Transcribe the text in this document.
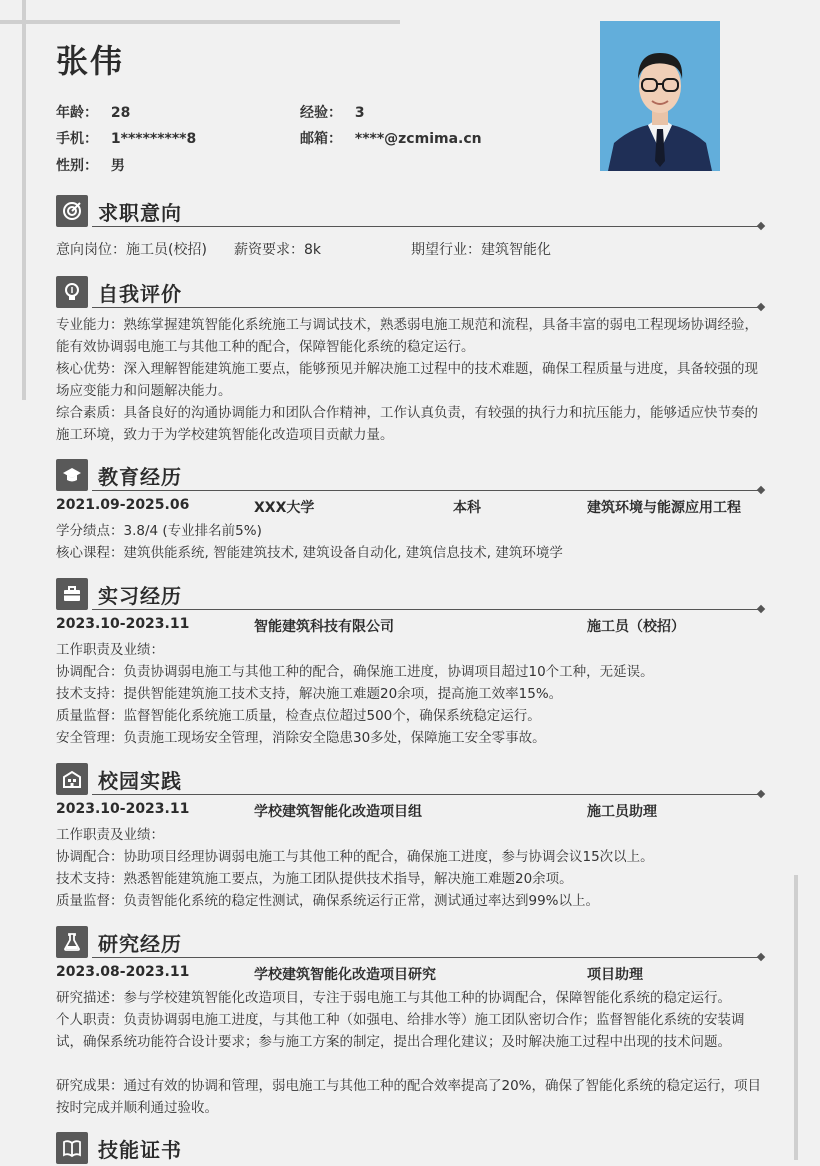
张伟
年龄： 28	经验： 3
手机： 1*********8	邮箱： ****@zcmima.cn
性别： 男
求职意向
意向岗位：施工员(校招) 薪资要求：8k	期望行业：建筑智能化
自我评价
专业能力：熟练掌握建筑智能化系统施工与调试技术，熟悉弱电施工规范和流程，具备丰富的弱电工程现场协调经验，能有效协调弱电施工与其他工种的配合，保障智能化系统的稳定运行。
核心优势：深入理解智能建筑施工要点，能够预见并解决施工过程中的技术难题，确保工程质量与进度，具备较强的现场应变能力和问题解决能力。
综合素质：具备良好的沟通协调能力和团队合作精神，工作认真负责，有较强的执行力和抗压能力，能够适应快节奏的施工环境，致力于为学校建筑智能化改造项目贡献力量。
教育经历
2021.09-2025.06	XXX大学	本科	建筑环境与能源应用工程
学分绩点：3.8/4 (专业排名前5%)
核心课程：建筑供能系统, 智能建筑技术, 建筑设备自动化, 建筑信息技术, 建筑环境学
实习经历
2023.10-2023.11	智能建筑科技有限公司	施工员（校招）
工作职责及业绩：
协调配合：负责协调弱电施工与其他工种的配合，确保施工进度，协调项目超过10个工种，无延误。
技术支持：提供智能建筑施工技术支持，解决施工难题20余项，提高施工效率15%。
质量监督：监督智能化系统施工质量，检查点位超过500个，确保系统稳定运行。
安全管理：负责施工现场安全管理，消除安全隐患30多处，保障施工安全零事故。
校园实践
2023.10-2023.11	学校建筑智能化改造项目组	施工员助理
工作职责及业绩：
协调配合：协助项目经理协调弱电施工与其他工种的配合，确保施工进度，参与协调会议15次以上。
技术支持：熟悉智能建筑施工要点，为施工团队提供技术指导，解决施工难题20余项。
质量监督：负责智能化系统的稳定性测试，确保系统运行正常，测试通过率达到99%以上。
研究经历
2023.08-2023.11	学校建筑智能化改造项目研究	项目助理
研究描述：参与学校建筑智能化改造项目，专注于弱电施工与其他工种的协调配合，保障智能化系统的稳定运行。
个人职责：负责协调弱电施工进度，与其他工种（如强电、给排水等）施工团队密切合作；监督智能化系统的安装调试，确保系统功能符合设计要求；参与施工方案的制定，提出合理化建议；及时解决施工过程中出现的技术问题。
研究成果：通过有效的协调和管理，弱电施工与其他工种的配合效率提高了20%，确保了智能化系统的稳定运行，项目按时完成并顺利通过验收。
技能证书
